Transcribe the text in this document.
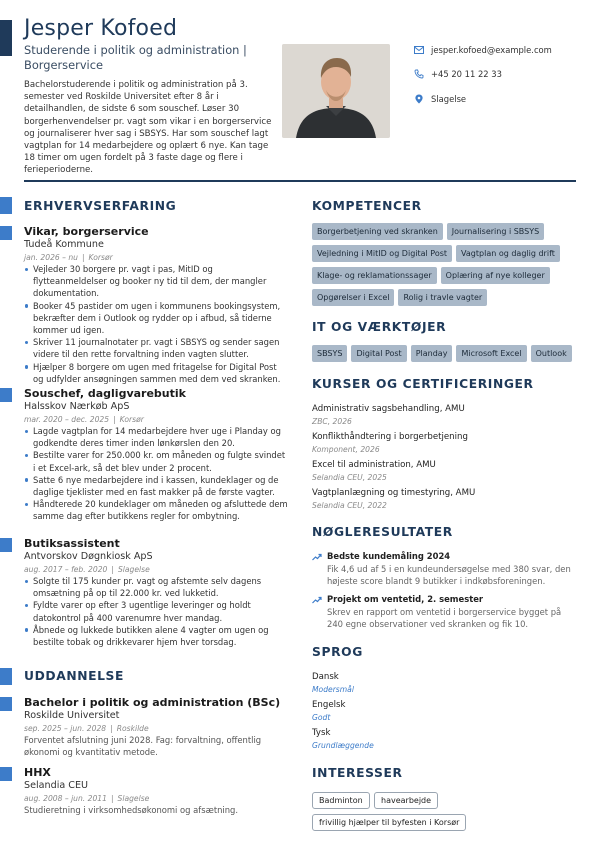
Jesper Kofoed
Studerende i politik og administration | Borgerservice
Bachelorstuderende i politik og administration på 3. semester ved Roskilde Universitet efter 8 år i detailhandlen, de sidste 6 som souschef. Løser 30 borgerhenvendelser pr. vagt som vikar i en borgerservice og journaliserer hver sag i SBSYS. Har som souschef lagt vagtplan for 14 medarbejdere og oplært 6 nye. Kan tage 18 timer om ugen fordelt på 3 faste dage og flere i ferieperioderne.
jesper.kofoed@example.com
+45 20 11 22 33
Slagelse
ERHVERVSERFARING
Vikar, borgerservice
Tudeå Kommune
jan. 2026 – nu | Korsør
Vejleder 30 borgere pr. vagt i pas, MitID og flytteanmeldelser og booker ny tid til dem, der mangler dokumentation.
Booker 45 pastider om ugen i kommunens bookingsystem, bekræfter dem i Outlook og rydder op i afbud, så tiderne kommer ud igen.
Skriver 11 journalnotater pr. vagt i SBSYS og sender sagen videre til den rette forvaltning inden vagten slutter.
Hjælper 8 borgere om ugen med fritagelse for Digital Post og udfylder ansøgningen sammen med dem ved skranken.
Souschef, dagligvarebutik
Halsskov Nærkøb ApS
mar. 2020 – dec. 2025 | Korsør
Lagde vagtplan for 14 medarbejdere hver uge i Planday og godkendte deres timer inden lønkørslen den 20.
Bestilte varer for 250.000 kr. om måneden og fulgte svindet i et Excel-ark, så det blev under 2 procent.
Satte 6 nye medarbejdere ind i kassen, kundeklager og de daglige tjeklister med en fast makker på de første vagter.
Håndterede 20 kundeklager om måneden og afsluttede dem samme dag efter butikkens regler for ombytning.
Butiksassistent
Antvorskov Døgnkiosk ApS
aug. 2017 – feb. 2020 | Slagelse
Solgte til 175 kunder pr. vagt og afstemte selv dagens omsætning på op til 22.000 kr. ved lukketid.
Fyldte varer op efter 3 ugentlige leveringer og holdt datokontrol på 400 varenumre hver mandag.
Åbnede og lukkede butikken alene 4 vagter om ugen og bestilte tobak og drikkevarer hjem hver torsdag.
UDDANNELSE
Bachelor i politik og administration (BSc)
Roskilde Universitet
sep. 2025 – jun. 2028 | Roskilde
Forventet afslutning juni 2028. Fag: forvaltning, offentlig økonomi og kvantitativ metode.
HHX
Selandia CEU
aug. 2008 – jun. 2011 | Slagelse
Studieretning i virksomhedsøkonomi og afsætning.
KOMPETENCER
Borgerbetjening ved skranken	Journalisering i SBSYS
Vejledning i MitID og Digital Post	Vagtplan og daglig drift
Klage- og reklamationssager	Oplæring af nye kolleger
Opgørelser i Excel	Rolig i travle vagter
IT OG VÆRKTØJER
SBSYS	Digital Post	Planday	Microsoft Excel	Outlook
KURSER OG CERTIFICERINGER
Administrativ sagsbehandling, AMU
ZBC, 2026
Konflikthåndtering i borgerbetjening
Komponent, 2026
Excel til administration, AMU
Selandia CEU, 2025
Vagtplanlægning og timestyring, AMU
Selandia CEU, 2022
NØGLERESULTATER
Bedste kundemåling 2024
Fik 4,6 ud af 5 i en kundeundersøgelse med 380 svar, den højeste score blandt 9 butikker i indkøbsforeningen.
Projekt om ventetid, 2. semester
Skrev en rapport om ventetid i borgerservice bygget på 240 egne observationer ved skranken og fik 10.
SPROG
Dansk
Modersmål
Engelsk
Godt
Tysk
Grundlæggende
INTERESSER
Badminton	havearbejde
frivillig hjælper til byfesten i Korsør
